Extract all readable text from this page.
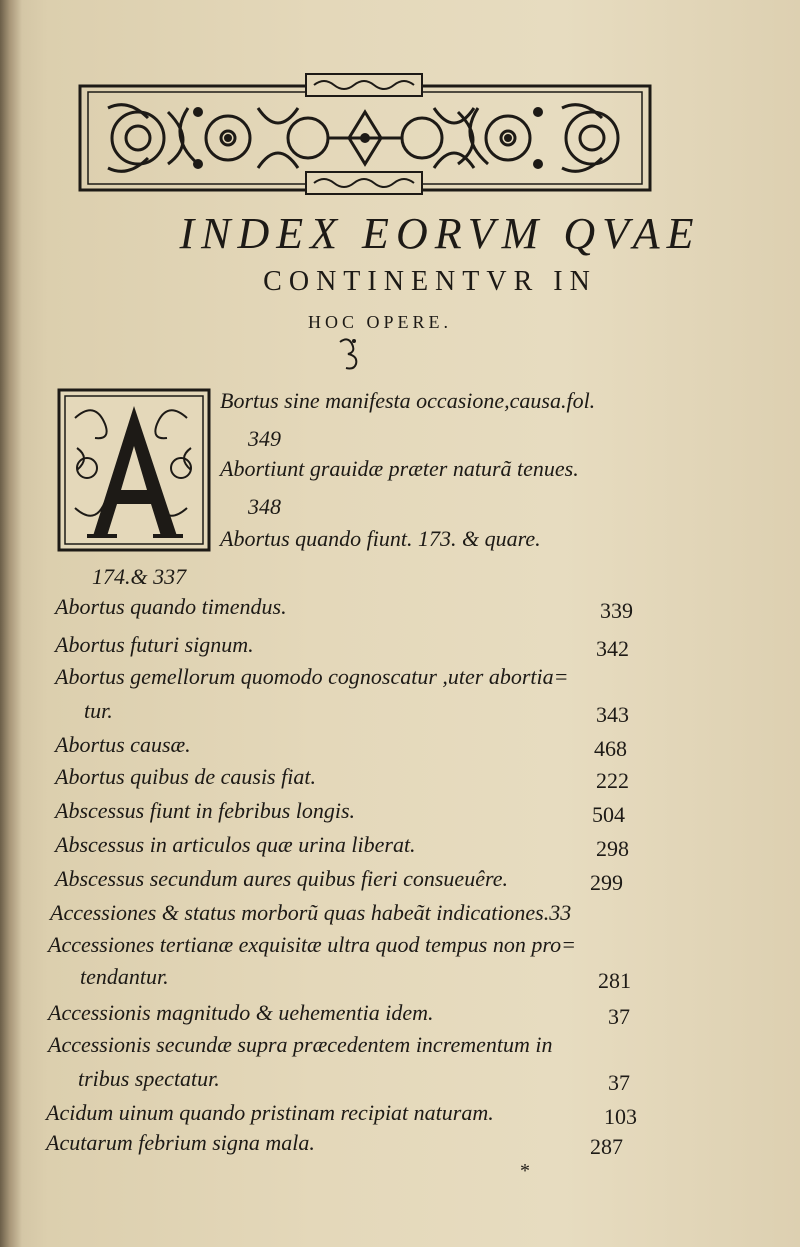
INDEX EORVM QVAE
CONTINENTVR IN
HOC OPERE.
Bortus sine manifesta occasione,causa.fol.
349
Abortiunt grauidæ præter naturã tenues.
348
Abortus quando fiunt. 173. & quare.
174.& 337
Abortus quando timendus.	339
Abortus futuri signum.	342
Abortus gemellorum quomodo cognoscatur ,uter abortia=
tur.	343
Abortus causæ.	468
Abortus quibus de causis fiat.	222
Abscessus fiunt in febribus longis.	504
Abscessus in articulos quæ urina liberat.	298
Abscessus secundum aures quibus fieri consueuêre.	299
Accessiones & status morborũ quas habeãt indicationes.33
Accessiones tertianæ exquisitæ ultra quod tempus non pro=
tendantur.	281
Accessionis magnitudo & uehementia idem.	37
Accessionis secundæ supra præcedentem incrementum in
tribus spectatur.	37
Acidum uinum quando pristinam recipiat naturam.	103
Acutarum febrium signa mala.	287
*
